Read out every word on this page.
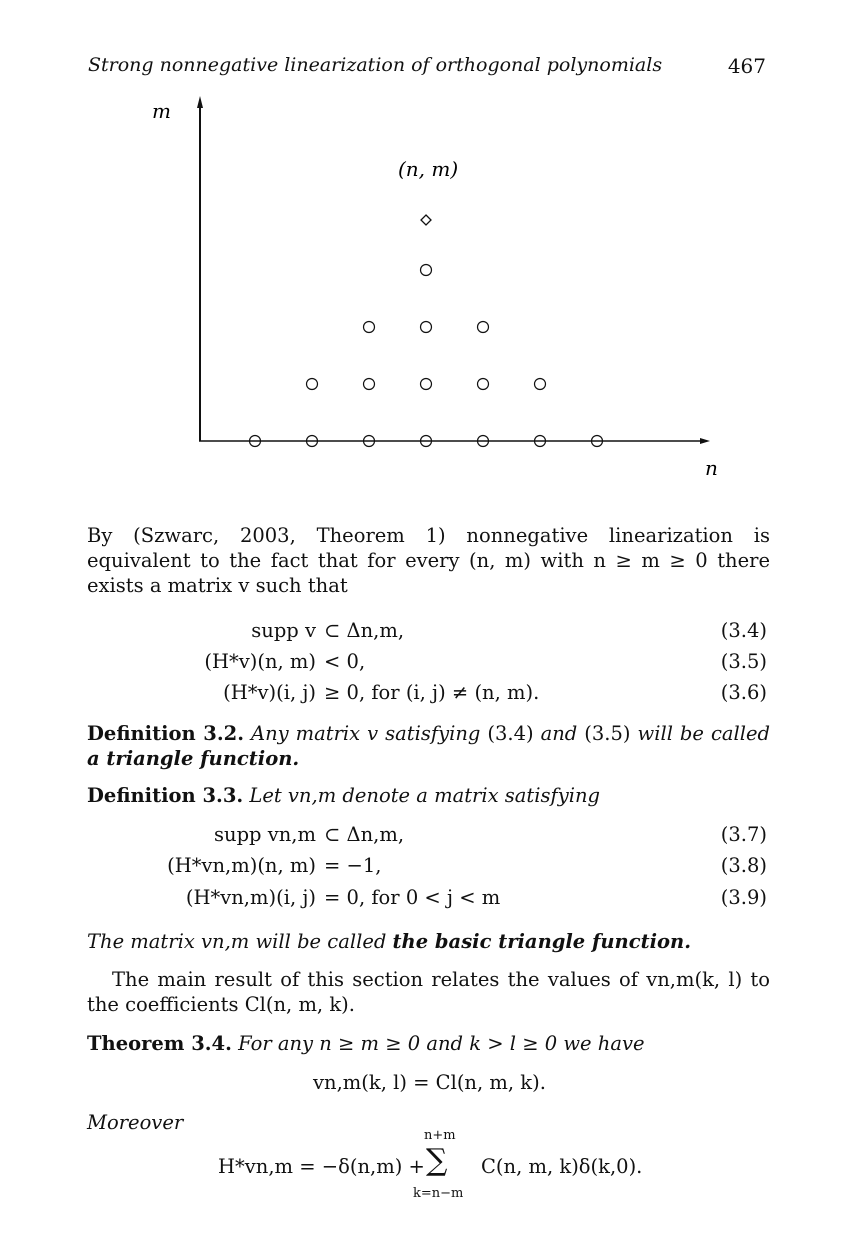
Strong nonnegative linearization of orthogonal polynomials	467
m
n
(n, m)
By (Szwarc, 2003, Theorem 1) nonnegative linearization is equivalent to the fact that for every (n, m) with n ≥ m ≥ 0 there exists a matrix v such that
supp v ⊂ Δn,m,	(3.4)
(H*v)(n, m) < 0,	(3.5)
(H*v)(i, j) ≥ 0, for (i, j) ≠ (n, m).	(3.6)
Definition 3.2. Any matrix v satisfying (3.4) and (3.5) will be called a triangle function.
Definition 3.3. Let vn,m denote a matrix satisfying
supp vn,m ⊂ Δn,m,	(3.7)
(H*vn,m)(n, m) = −1,	(3.8)
(H*vn,m)(i, j) = 0, for 0 < j < m	(3.9)
The matrix vn,m will be called the basic triangle function.
The main result of this section relates the values of vn,m(k, l) to the coefficients Cl(n, m, k).
Theorem 3.4. For any n ≥ m ≥ 0 and k > l ≥ 0 we have
vn,m(k, l) = Cl(n, m, k).
Moreover
H*vn,m = −δ(n,m) +
n+m
∑
k=n−m
C(n, m, k)δ(k,0).
